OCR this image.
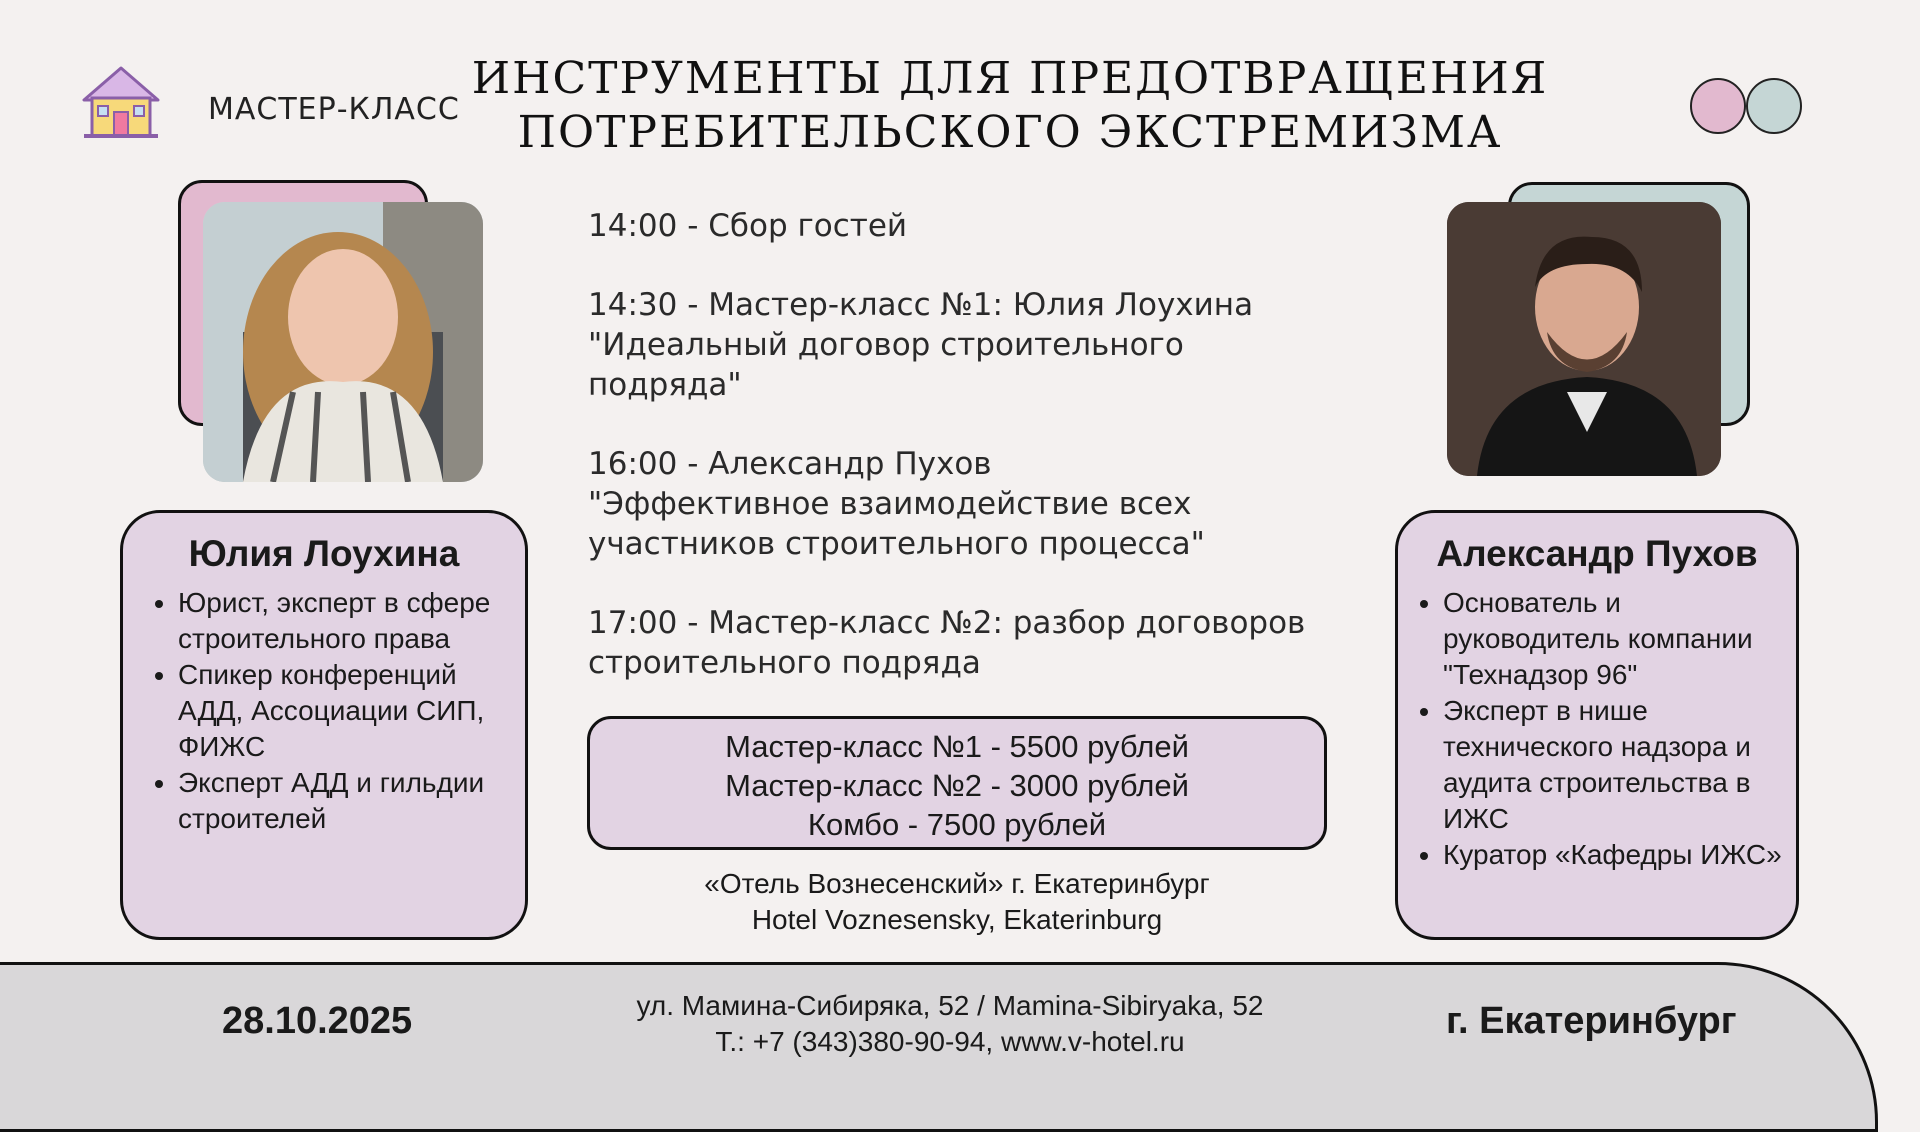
МАСТЕР-КЛАСС
ИНСТРУМЕНТЫ ДЛЯ ПРЕДОТВРАЩЕНИЯ
ПОТРЕБИТЕЛЬСКОГО ЭКСТРЕМИЗМА
Юлия Лоухина
• Юрист, эксперт в сфере строительного права
• Спикер конференций АДД, Ассоциации СИП, ФИЖС
• Эксперт АДД и гильдии строителей
Александр Пухов
• Основатель и руководитель компании "Технадзор 96"
• Эксперт в нише технического надзора и аудита строительства в ИЖС
• Куратор «Кафедры ИЖС»

14:00 - Сбор гостей

14:30 - Мастер-класс №1: Юлия Лоухина
"Идеальный договор строительного
подряда"

16:00 - Александр Пухов
"Эффективное взаимодействие всех
участников строительного процесса"

17:00 - Мастер-класс №2: разбор договоров
строительного подряда

Мастер-класс №1 - 5500 рублей
Мастер-класс №2 - 3000 рублей
Комбо - 7500 рублей
«Отель Вознесенский» г. Екатеринбург
Hotel Voznesensky, Ekaterinburg
28.10.2025	ул. Мамина-Сибиряка, 52 / Mamina-Sibiryaka, 52
Т.: +7 (343)380-90-94, www.v-hotel.ru	г. Екатеринбург
